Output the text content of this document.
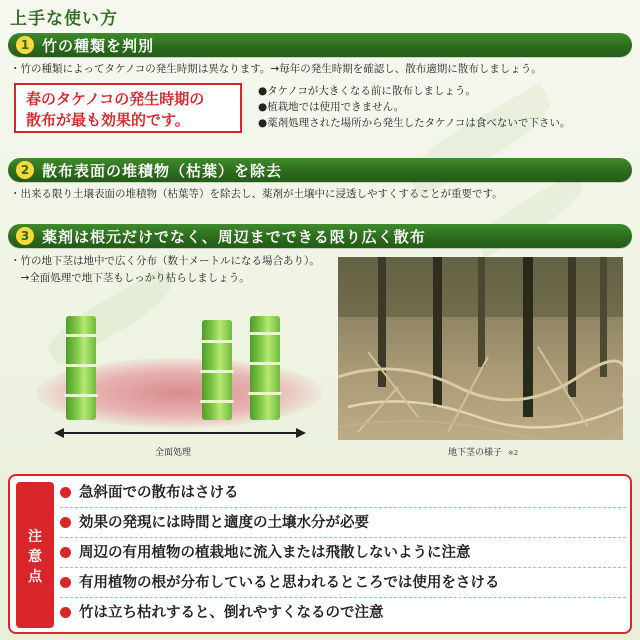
上手な使い方
1 竹の種類を判別
・竹の種類によってタケノコの発生時期は異なります。→毎年の発生時期を確認し、散布適期に散布しましょう。
春のタケノコの発生時期の
散布が最も効果的です。
●タケノコが大きくなる前に散布しましょう。
●植栽地では使用できません。
●薬剤処理された場所から発生したタケノコは食べないで下さい。
2 散布表面の堆積物（枯葉）を除去
・出来る限り土壌表面の堆積物（枯葉等）を除去し、薬剤が土壌中に浸透しやすくすることが重要です。
3 薬剤は根元だけでなく、周辺までできる限り広く散布
・竹の地下茎は地中で広く分布（数十メートルになる場合あり）。
　→全面処理で地下茎もしっかり枯らしましょう。
全面処理	地下茎の様子 ※2
注
意
点
急斜面での散布はさける
効果の発現には時間と適度の土壌水分が必要
周辺の有用植物の植栽地に流入または飛散しないように注意
有用植物の根が分布していると思われるところでは使用をさける
竹は立ち枯れすると、倒れやすくなるので注意
